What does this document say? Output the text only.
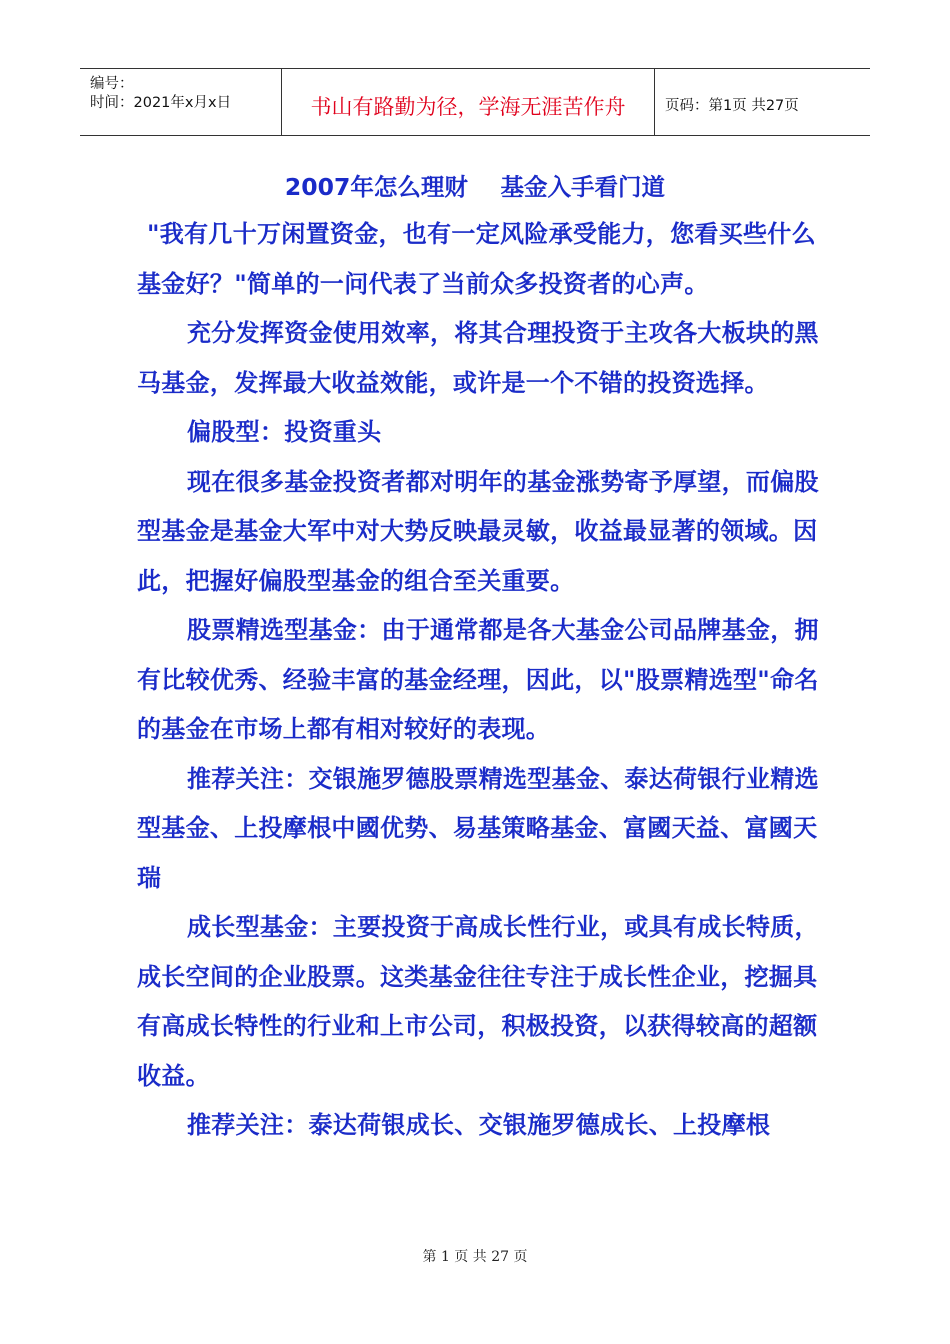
编号：
时间：2021年x月x日	书山有路勤为径，学海无涯苦作舟	页码：第1页 共27页
2007年怎么理财    基金入手看门道

"我有几十万闲置资金，也有一定风险承受能力，您看买些什么基金好？"简单的一问代表了当前众多投资者的心声。

充分发挥资金使用效率，将其合理投资于主攻各大板块的黑马基金，发挥最大收益效能，或许是一个不错的投资选择。

偏股型：投资重头

现在很多基金投资者都对明年的基金涨势寄予厚望，而偏股型基金是基金大军中对大势反映最灵敏，收益最显著的领域。因此，把握好偏股型基金的组合至关重要。

股票精选型基金：由于通常都是各大基金公司品牌基金，拥有比较优秀、经验丰富的基金经理，因此，以"股票精选型"命名的基金在市场上都有相对较好的表现。

推荐关注：交银施罗德股票精选型基金、泰达荷银行业精选型基金、上投摩根中國优势、易基策略基金、富國天益、富國天瑞

成长型基金：主要投资于高成长性行业，或具有成长特质，成长空间的企业股票。这类基金往往专注于成长性企业，挖掘具有高成长特性的行业和上市公司，积极投资，以获得较高的超额收益。

推荐关注：泰达荷银成长、交银施罗德成长、上投摩根

第 1 页 共 27 页
